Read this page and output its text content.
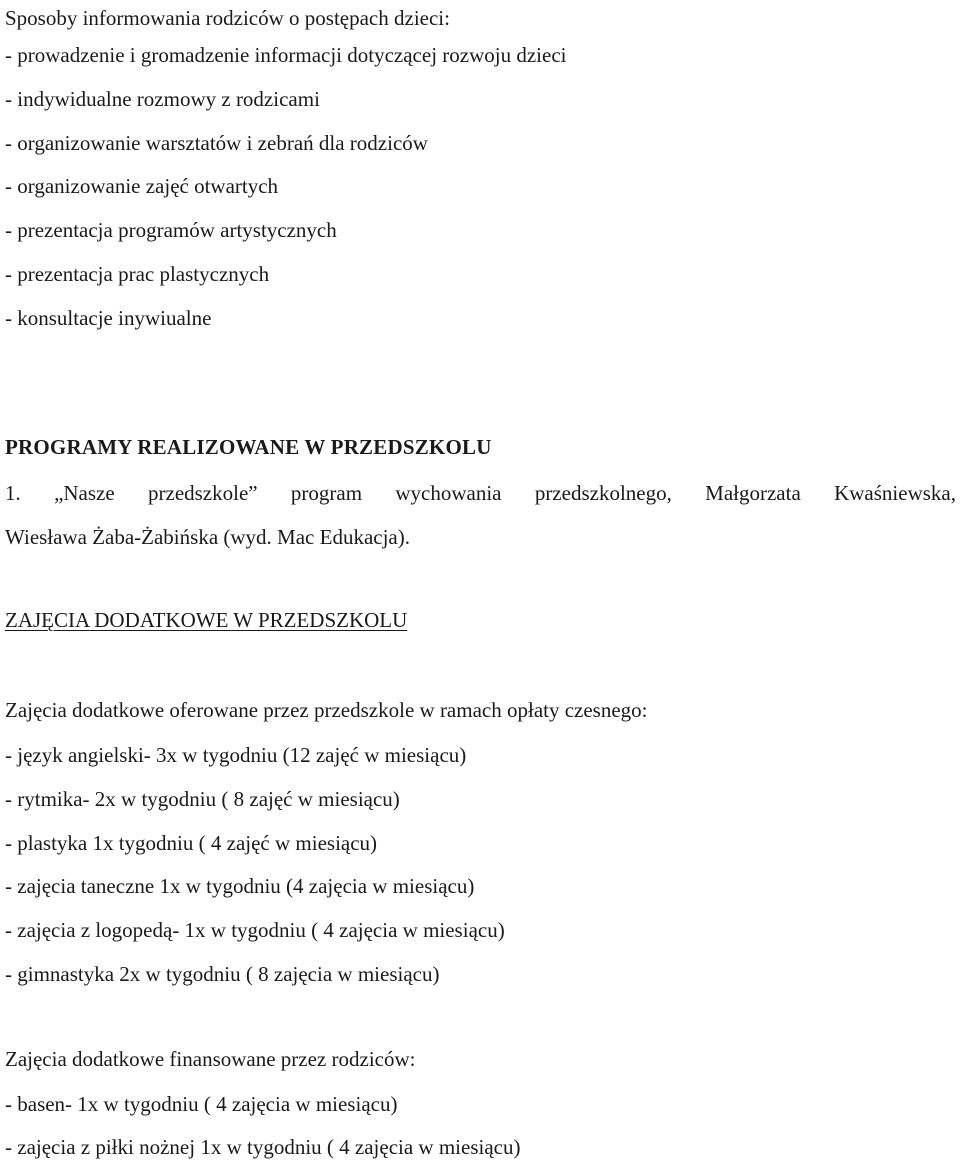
Sposoby informowania rodziców o postępach dzieci:
- prowadzenie i gromadzenie informacji dotyczącej rozwoju dzieci
- indywidualne rozmowy z rodzicami
- organizowanie warsztatów i zebrań dla rodziców
- organizowanie zajęć otwartych
- prezentacja programów artystycznych
- prezentacja prac plastycznych
- konsultacje inywiualne
PROGRAMY REALIZOWANE W PRZEDSZKOLU
1. „Nasze przedszkole” program wychowania przedszkolnego, Małgorzata Kwaśniewska,
Wiesława Żaba-Żabińska (wyd. Mac Edukacja).
ZAJĘCIA DODATKOWE W PRZEDSZKOLU
Zajęcia dodatkowe oferowane przez przedszkole w ramach opłaty czesnego:
- język angielski- 3x w tygodniu (12 zajęć w miesiącu)
- rytmika- 2x w tygodniu ( 8 zajęć w miesiącu)
- plastyka 1x tygodniu ( 4 zajęć w miesiącu)
- zajęcia taneczne 1x w tygodniu (4 zajęcia w miesiącu)
- zajęcia z logopedą- 1x w tygodniu ( 4 zajęcia w miesiącu)
- gimnastyka 2x w tygodniu ( 8 zajęcia w miesiącu)
Zajęcia dodatkowe finansowane przez rodziców:
- basen- 1x w tygodniu ( 4 zajęcia w miesiącu)
- zajęcia z piłki nożnej 1x w tygodniu ( 4 zajęcia w miesiącu)
